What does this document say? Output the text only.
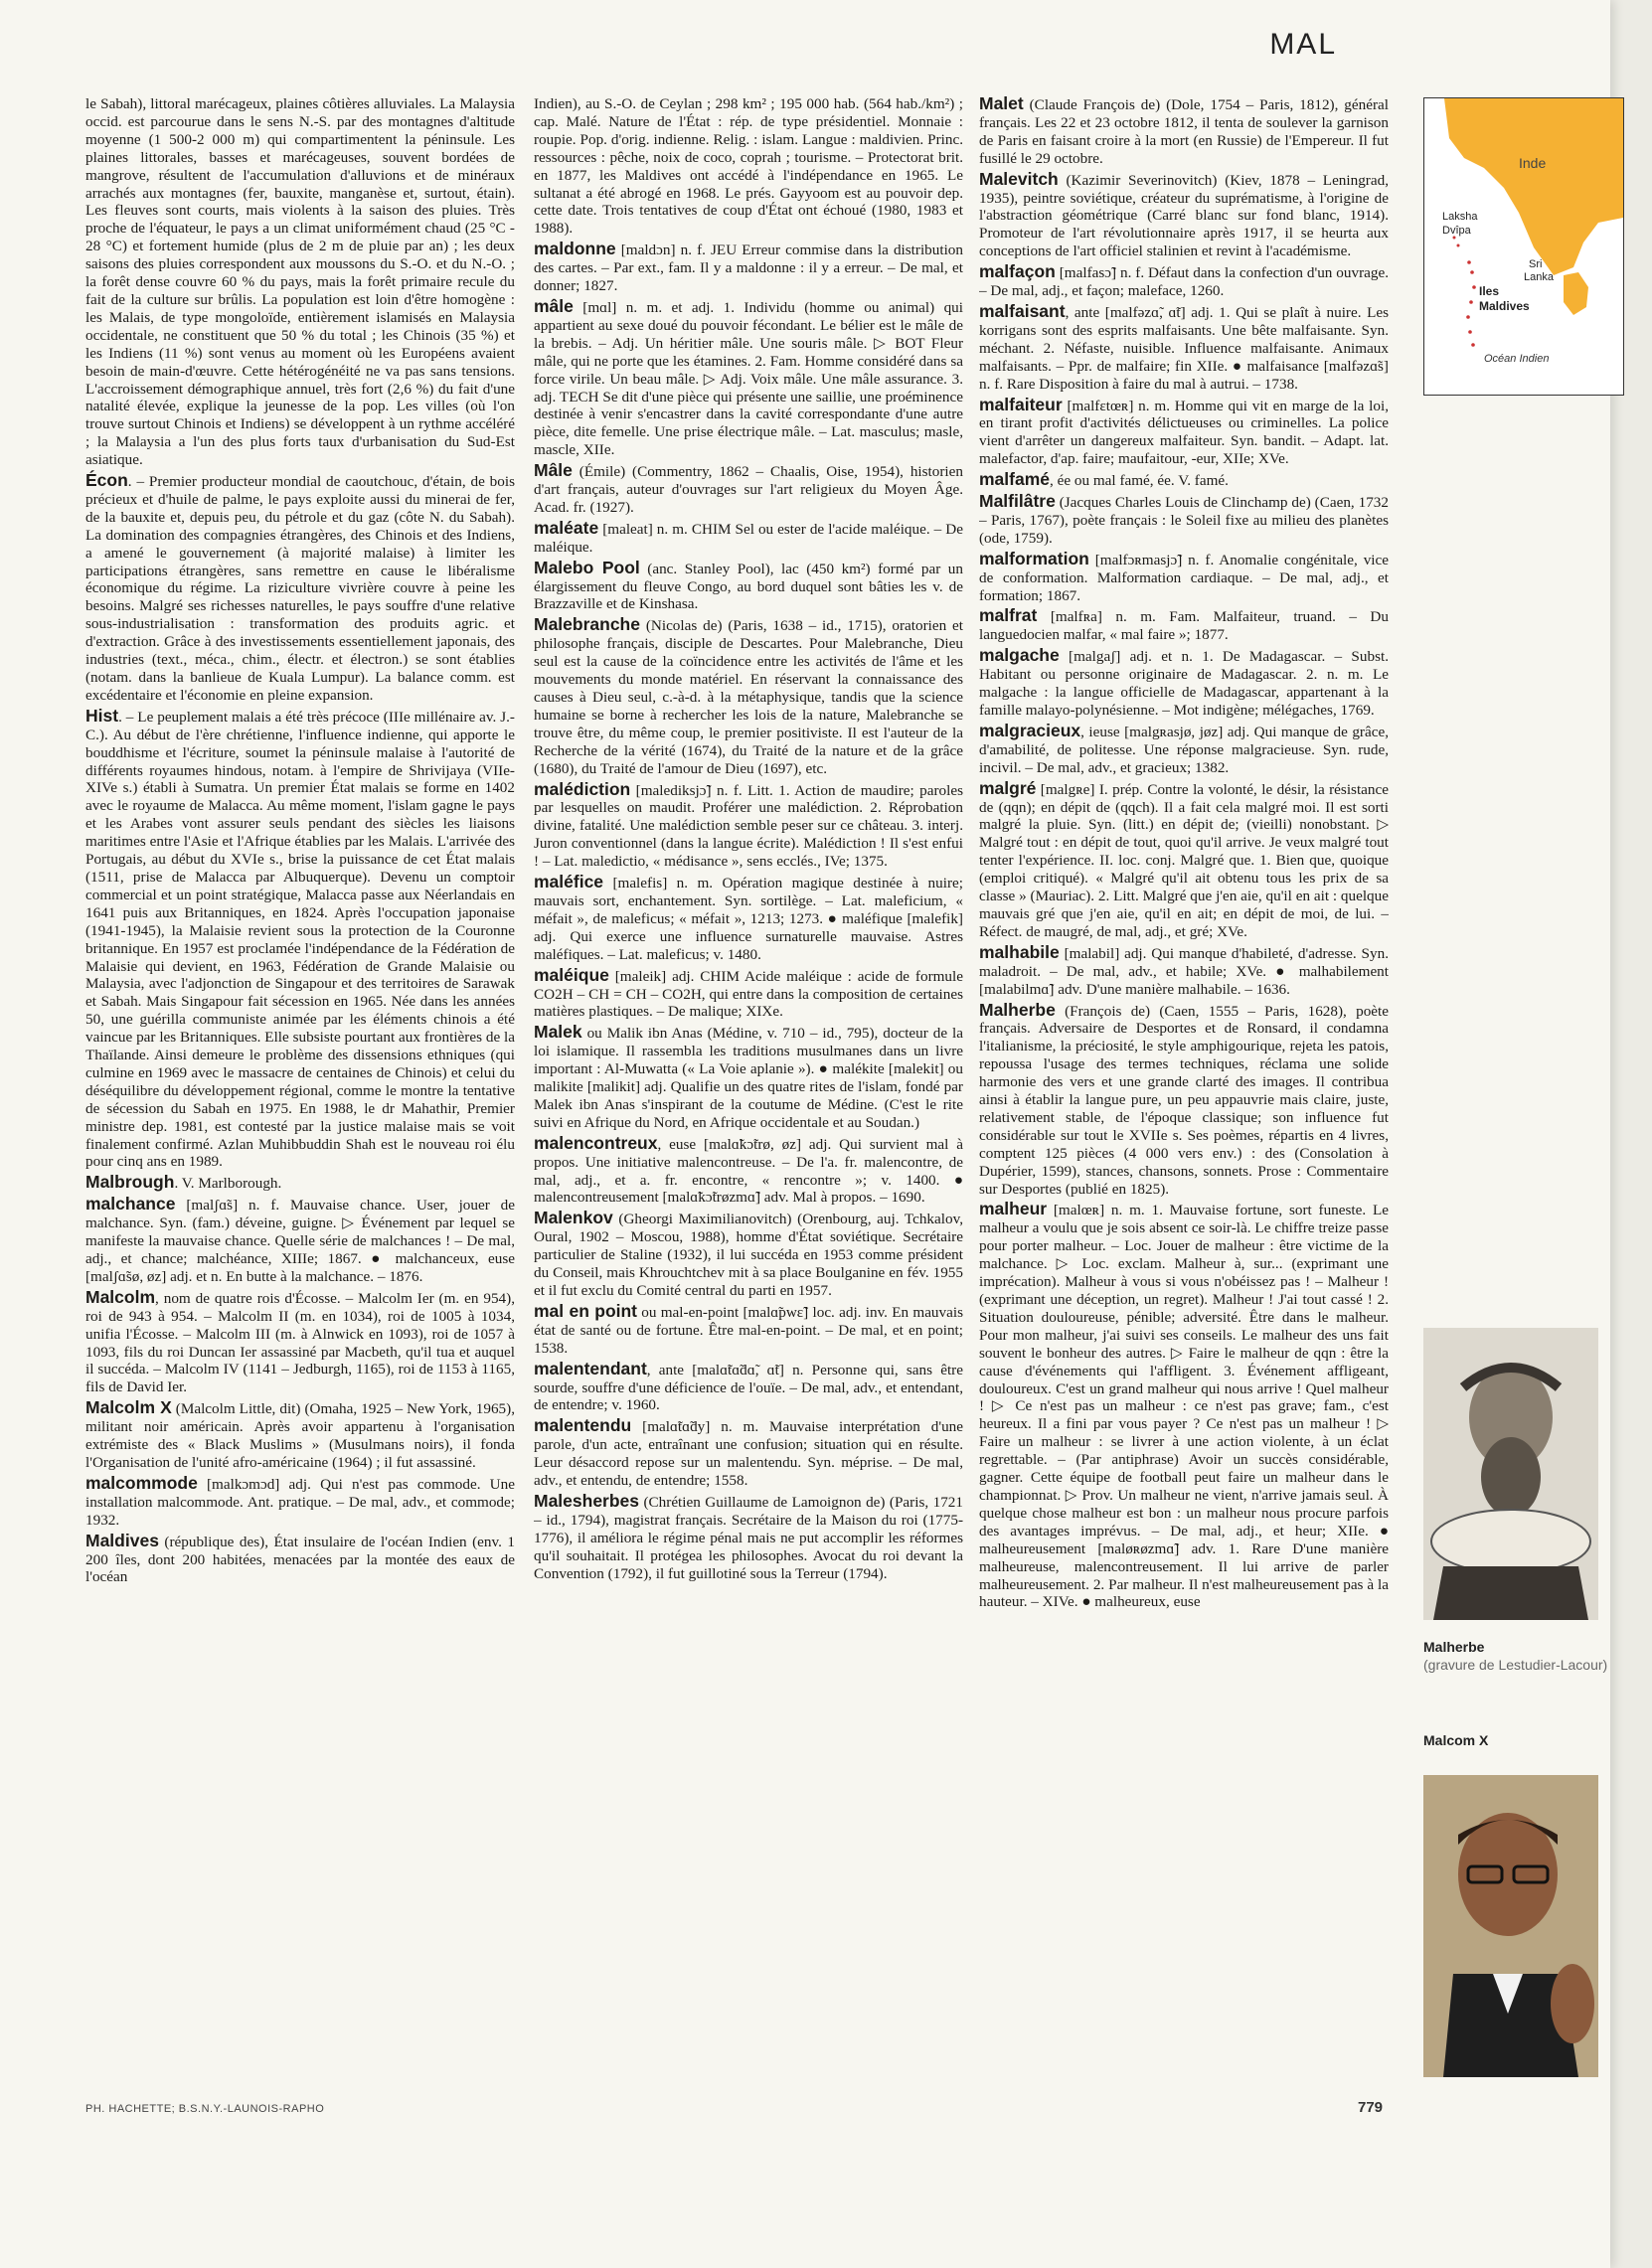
MAL

le Sabah), littoral marécageux, plaines côtières alluviales. La Malaysia occid. est parcourue dans le sens N.-S. par des montagnes d'altitude moyenne (1 500-2 000 m) qui compartimentent la péninsule. Les plaines littorales, basses et marécageuses, souvent bordées de mangrove, résultent de l'accumulation d'alluvions et de minéraux arrachés aux montagnes (fer, bauxite, manganèse et, surtout, étain). Les fleuves sont courts, mais violents à la saison des pluies. Très proche de l'équateur, le pays a un climat uniformément chaud (25 °C - 28 °C) et fortement humide (plus de 2 m de pluie par an) ; les deux saisons des pluies correspondent aux moussons du S.-O. et du N.-O. ; la forêt dense couvre 60 % du pays, mais la forêt primaire recule du fait de la culture sur brûlis. La population est loin d'être homogène : les Malais, de type mongoloïde, entièrement islamisés en Malaysia occidentale, ne constituent que 50 % du total ; les Chinois (35 %) et les Indiens (11 %) sont venus au moment où les Européens avaient besoin de main-d'œuvre. Cette hétérogénéité ne va pas sans tensions. L'accroissement démographique annuel, très fort (2,6 %) du fait d'une natalité élevée, explique la jeunesse de la pop. Les villes (où l'on trouve surtout Chinois et Indiens) se développent à un rythme accéléré ; la Malaysia a l'un des plus forts taux d'urbanisation du Sud-Est asiatique.

Écon. – Premier producteur mondial de caoutchouc, d'étain, de bois précieux et d'huile de palme, le pays exploite aussi du minerai de fer, de la bauxite et, depuis peu, du pétrole et du gaz (côte N. du Sabah). La domination des compagnies étrangères, des Chinois et des Indiens, a amené le gouvernement (à majorité malaise) à limiter les participations étrangères, sans remettre en cause le libéralisme économique du régime. La riziculture vivrière couvre à peine les besoins. Malgré ses richesses naturelles, le pays souffre d'une relative sous-industrialisation : transformation des produits agric. et d'extraction. Grâce à des investissements essentiellement japonais, des industries (text., méca., chim., électr. et électron.) se sont établies (notam. dans la banlieue de Kuala Lumpur). La balance comm. est excédentaire et l'économie en pleine expansion.

Hist. – Le peuplement malais a été très précoce (IIIe millénaire av. J.-C.). Au début de l'ère chrétienne, l'influence indienne, qui apporte le bouddhisme et l'écriture, soumet la péninsule malaise à l'autorité de différents royaumes hindous, notam. à l'empire de Shrivijaya (VIIe-XIVe s.) établi à Sumatra. Un premier État malais se forme en 1402 avec le royaume de Malacca. Au même moment, l'islam gagne le pays et les Arabes vont assurer seuls pendant des siècles les liaisons maritimes entre l'Asie et l'Afrique établies par les Malais. L'arrivée des Portugais, au début du XVIe s., brise la puissance de cet État malais (1511, prise de Malacca par Albuquerque). Devenu un comptoir commercial et un point stratégique, Malacca passe aux Néerlandais en 1641 puis aux Britanniques, en 1824. Après l'occupation japonaise (1941-1945), la Malaisie revient sous la protection de la Couronne britannique. En 1957 est proclamée l'indépendance de la Fédération de Malaisie qui devient, en 1963, Fédération de Grande Malaisie ou Malaysia, avec l'adjonction de Singapour et des territoires de Sarawak et Sabah. Mais Singapour fait sécession en 1965. Née dans les années 50, une guérilla communiste animée par les éléments chinois a été vaincue par les Britanniques. Elle subsiste pourtant aux frontières de la Thaïlande. Ainsi demeure le problème des dissensions ethniques (qui culmine en 1969 avec le massacre de centaines de Chinois) et celui du déséquilibre du développement régional, comme le montre la tentative de sécession du Sabah en 1975. En 1988, le dr Mahathir, Premier ministre dep. 1981, est contesté par la justice malaise mais se voit finalement confirmé. Azlan Muhibbuddin Shah est le nouveau roi élu pour cinq ans en 1989.

Malbrough. V. Marlborough.

malchance [malʃɑ̃s] n. f. Mauvaise chance. User, jouer de malchance. Syn. (fam.) déveine, guigne. ▷ Événement par lequel se manifeste la mauvaise chance. Quelle série de malchances ! – De mal, adj., et chance; malchéance, XIIIe; 1867. ● malchanceux, euse [malʃɑ̃sø, øz] adj. et n. En butte à la malchance. – 1876.

Malcolm, nom de quatre rois d'Écosse. – Malcolm Ier (m. en 954), roi de 943 à 954. – Malcolm II (m. en 1034), roi de 1005 à 1034, unifia l'Écosse. – Malcolm III (m. à Alnwick en 1093), roi de 1057 à 1093, fils du roi Duncan Ier assassiné par Macbeth, qu'il tua et auquel il succéda. – Malcolm IV (1141 – Jedburgh, 1165), roi de 1153 à 1165, fils de David Ier.

Malcolm X (Malcolm Little, dit) (Omaha, 1925 – New York, 1965), militant noir américain. Après avoir appartenu à l'organisation extrémiste des « Black Muslims » (Musulmans noirs), il fonda l'Organisation de l'unité afro-américaine (1964) ; il fut assassiné.

malcommode [malkɔmɔd] adj. Qui n'est pas commode. Une installation malcommode. Ant. pratique. – De mal, adv., et commode; 1932.

Maldives (république des), État insulaire de l'océan Indien (env. 1 200 îles, dont 200 habitées, menacées par la montée des eaux de l'océan

Indien), au S.-O. de Ceylan ; 298 km² ; 195 000 hab. (564 hab./km²) ; cap. Malé. Nature de l'État : rép. de type présidentiel. Monnaie : roupie. Pop. d'orig. indienne. Relig. : islam. Langue : maldivien. Princ. ressources : pêche, noix de coco, coprah ; tourisme. – Protectorat brit. en 1877, les Maldives ont accédé à l'indépendance en 1965. Le sultanat a été abrogé en 1968. Le prés. Gayyoom est au pouvoir dep. cette date. Trois tentatives de coup d'État ont échoué (1980, 1983 et 1988).

maldonne [maldɔn] n. f. JEU Erreur commise dans la distribution des cartes. – Par ext., fam. Il y a maldonne : il y a erreur. – De mal, et donner; 1827.

mâle [mɑl] n. m. et adj. 1. Individu (homme ou animal) qui appartient au sexe doué du pouvoir fécondant. Le bélier est le mâle de la brebis. – Adj. Un héritier mâle. Une souris mâle. ▷ BOT Fleur mâle, qui ne porte que les étamines. 2. Fam. Homme considéré dans sa force virile. Un beau mâle. ▷ Adj. Voix mâle. Une mâle assurance. 3. adj. TECH Se dit d'une pièce qui présente une saillie, une proéminence destinée à venir s'encastrer dans la cavité correspondante d'une autre pièce, dite femelle. Une prise électrique mâle. – Lat. masculus; masle, mascle, XIIe.

Mâle (Émile) (Commentry, 1862 – Chaalis, Oise, 1954), historien d'art français, auteur d'ouvrages sur l'art religieux du Moyen Âge. Acad. fr. (1927).

maléate [maleat] n. m. CHIM Sel ou ester de l'acide maléique. – De maléique.

Malebo Pool (anc. Stanley Pool), lac (450 km²) formé par un élargissement du fleuve Congo, au bord duquel sont bâties les v. de Brazzaville et de Kinshasa.

Malebranche (Nicolas de) (Paris, 1638 – id., 1715), oratorien et philosophe français, disciple de Descartes. Pour Malebranche, Dieu seul est la cause de la coïncidence entre les activités de l'âme et les mouvements du monde matériel. En réservant la connaissance des causes à Dieu seul, c.-à-d. à la métaphysique, tandis que la science humaine se borne à rechercher les lois de la nature, Malebranche se trouve être, du même coup, le premier positiviste. Il est l'auteur de la Recherche de la vérité (1674), du Traité de la nature et de la grâce (1680), du Traité de l'amour de Dieu (1697), etc.

malédiction [malediksjɔ̃] n. f. Litt. 1. Action de maudire; paroles par lesquelles on maudit. Proférer une malédiction. 2. Réprobation divine, fatalité. Une malédiction semble peser sur ce château. 3. interj. Juron conventionnel (dans la langue écrite). Malédiction ! Il s'est enfui ! – Lat. maledictio, « médisance », sens ecclés., IVe; 1375.

maléfice [malefis] n. m. Opération magique destinée à nuire; mauvais sort, enchantement. Syn. sortilège. – Lat. maleficium, « méfait », de maleficus; « méfait », 1213; 1273. ● maléfique [malefik] adj. Qui exerce une influence surnaturelle mauvaise. Astres maléfiques. – Lat. maleficus; v. 1480.

maléique [maleik] adj. CHIM Acide maléique : acide de formule CO2H – CH = CH – CO2H, qui entre dans la composition de certaines matières plastiques. – De malique; XIXe.

Malek ou Malik ibn Anas (Médine, v. 710 – id., 795), docteur de la loi islamique. Il rassembla les traditions musulmanes dans un livre important : Al-Muwatta (« La Voie aplanie »). ● malékite [malekit] ou malikite [malikit] adj. Qualifie un des quatre rites de l'islam, fondé par Malek ibn Anas s'inspirant de la coutume de Médine. (C'est le rite suivi en Afrique du Nord, en Afrique occidentale et au Soudan.)

malencontreux, euse [malɑ̃kɔ̃trø, øz] adj. Qui survient mal à propos. Une initiative malencontreuse. – De l'a. fr. malencontre, de mal, adj., et a. fr. encontre, « rencontre »; v. 1400. ● malencontreusement [malɑ̃kɔ̃trøzmɑ̃] adv. Mal à propos. – 1690.

Malenkov (Gheorgi Maximilianovitch) (Orenbourg, auj. Tchkalov, Oural, 1902 – Moscou, 1988), homme d'État soviétique. Secrétaire particulier de Staline (1932), il lui succéda en 1953 comme président du Conseil, mais Khrouchtchev mit à sa place Boulganine en fév. 1955 et il fut exclu du Comité central du parti en 1957.

mal en point ou mal-en-point [malɑ̃pwɛ̃] loc. adj. inv. En mauvais état de santé ou de fortune. Être mal-en-point. – De mal, et en point; 1538.

malentendant, ante [malɑ̃tɑ̃dɑ̃, ɑ̃t] n. Personne qui, sans être sourde, souffre d'une déficience de l'ouïe. – De mal, adv., et entendant, de entendre; v. 1960.

malentendu [malɑ̃tɑ̃dy] n. m. Mauvaise interprétation d'une parole, d'un acte, entraînant une confusion; situation qui en résulte. Leur désaccord repose sur un malentendu. Syn. méprise. – De mal, adv., et entendu, de entendre; 1558.

Malesherbes (Chrétien Guillaume de Lamoignon de) (Paris, 1721 – id., 1794), magistrat français. Secrétaire de la Maison du roi (1775-1776), il améliora le régime pénal mais ne put accomplir les réformes qu'il souhaitait. Il protégea les philosophes. Avocat du roi devant la Convention (1792), il fut guillotiné sous la Terreur (1794).

Malet (Claude François de) (Dole, 1754 – Paris, 1812), général français. Les 22 et 23 octobre 1812, il tenta de soulever la garnison de Paris en faisant croire à la mort (en Russie) de l'Empereur. Il fut fusillé le 29 octobre.

Malevitch (Kazimir Severinovitch) (Kiev, 1878 – Leningrad, 1935), peintre soviétique, créateur du suprématisme, à l'origine de l'abstraction géométrique (Carré blanc sur fond blanc, 1914). Promoteur de l'art révolutionnaire après 1917, il se heurta aux conceptions de l'art officiel stalinien et revint à l'académisme.

malfaçon [malfasɔ̃] n. f. Défaut dans la confection d'un ouvrage. – De mal, adj., et façon; maleface, 1260.

malfaisant, ante [malfəzɑ̃, ɑ̃t] adj. 1. Qui se plaît à nuire. Les korrigans sont des esprits malfaisants. Une bête malfaisante. Syn. méchant. 2. Néfaste, nuisible. Influence malfaisante. Animaux malfaisants. – Ppr. de malfaire; fin XIIe. ● malfaisance [malfəzɑ̃s] n. f. Rare Disposition à faire du mal à autrui. – 1738.

malfaiteur [malfɛtœʀ] n. m. Homme qui vit en marge de la loi, en tirant profit d'activités délictueuses ou criminelles. La police vient d'arrêter un dangereux malfaiteur. Syn. bandit. – Adapt. lat. malefactor, d'ap. faire; maufaitour, -eur, XIIe; XVe.

malfamé, ée ou mal famé, ée. V. famé.

Malfilâtre (Jacques Charles Louis de Clinchamp de) (Caen, 1732 – Paris, 1767), poète français : le Soleil fixe au milieu des planètes (ode, 1759).

malformation [malfɔʀmasjɔ̃] n. f. Anomalie congénitale, vice de conformation. Malformation cardiaque. – De mal, adj., et formation; 1867.

malfrat [malfʀa] n. m. Fam. Malfaiteur, truand. – Du languedocien malfar, « mal faire »; 1877.

malgache [malgaʃ] adj. et n. 1. De Madagascar. – Subst. Habitant ou personne originaire de Madagascar. 2. n. m. Le malgache : la langue officielle de Madagascar, appartenant à la famille malayo-polynésienne. – Mot indigène; mélégaches, 1769.

malgracieux, ieuse [malgʀasjø, jøz] adj. Qui manque de grâce, d'amabilité, de politesse. Une réponse malgracieuse. Syn. rude, incivil. – De mal, adv., et gracieux; 1382.

malgré [malgʀe] I. prép. Contre la volonté, le désir, la résistance de (qqn); en dépit de (qqch). Il a fait cela malgré moi. Il est sorti malgré la pluie. Syn. (litt.) en dépit de; (vieilli) nonobstant. ▷ Malgré tout : en dépit de tout, quoi qu'il arrive. Je veux malgré tout tenter l'expérience. II. loc. conj. Malgré que. 1. Bien que, quoique (emploi critiqué). « Malgré qu'il ait obtenu tous les prix de sa classe » (Mauriac). 2. Litt. Malgré que j'en aie, qu'il en ait : quelque mauvais gré que j'en aie, qu'il en ait; en dépit de moi, de lui. – Réfect. de maugré, de mal, adj., et gré; XVe.

malhabile [malabil] adj. Qui manque d'habileté, d'adresse. Syn. maladroit. – De mal, adv., et habile; XVe. ● malhabilement [malabilmɑ̃] adv. D'une manière malhabile. – 1636.

Malherbe (François de) (Caen, 1555 – Paris, 1628), poète français. Adversaire de Desportes et de Ronsard, il condamna l'italianisme, la préciosité, le style amphigourique, rejeta les patois, repoussa l'usage des termes techniques, réclama une solide harmonie des vers et une grande clarté des images. Il contribua ainsi à établir la langue pure, un peu appauvrie mais claire, juste, relativement stable, de l'époque classique; son influence fut considérable sur tout le XVIIe s. Ses poèmes, répartis en 4 livres, comptent 125 pièces (4 000 vers env.) : des (Consolation à Dupérier, 1599), stances, chansons, sonnets. Prose : Commentaire sur Desportes (publié en 1825).

malheur [malœʀ] n. m. 1. Mauvaise fortune, sort funeste. Le malheur a voulu que je sois absent ce soir-là. Le chiffre treize passe pour porter malheur. – Loc. Jouer de malheur : être victime de la malchance. ▷ Loc. exclam. Malheur à, sur... (exprimant une imprécation). Malheur à vous si vous n'obéissez pas ! – Malheur ! (exprimant une déception, un regret). Malheur ! J'ai tout cassé ! 2. Situation douloureuse, pénible; adversité. Être dans le malheur. Pour mon malheur, j'ai suivi ses conseils. Le malheur des uns fait souvent le bonheur des autres. ▷ Faire le malheur de qqn : être la cause d'événements qui l'affligent. 3. Événement affligeant, douloureux. C'est un grand malheur qui nous arrive ! Quel malheur ! ▷ Ce n'est pas un malheur : ce n'est pas grave; fam., c'est heureux. Il a fini par vous payer ? Ce n'est pas un malheur ! ▷ Faire un malheur : se livrer à une action violente, à un éclat regrettable. – (Par antiphrase) Avoir un succès considérable, gagner. Cette équipe de football peut faire un malheur dans le championnat. ▷ Prov. Un malheur ne vient, n'arrive jamais seul. À quelque chose malheur est bon : un malheur nous procure parfois des avantages imprévus. – De mal, adj., et heur; XIIe. ● malheureusement [maløʀøzmɑ̃] adv. 1. Rare D'une manière malheureuse, malencontreusement. Il lui arrive de parler malheureusement. 2. Par malheur. Il n'est malheureusement pas à la hauteur. – XIVe. ● malheureux, euse

Inde
Laksha Dvîpa
Sri Lanka
Iles Maldives
Océan Indien
Malherbe
(gravure de Lestudier-Lacour)
Malcom X
PH. HACHETTE; B.S.N.Y.-LAUNOIS-RAPHO	779
